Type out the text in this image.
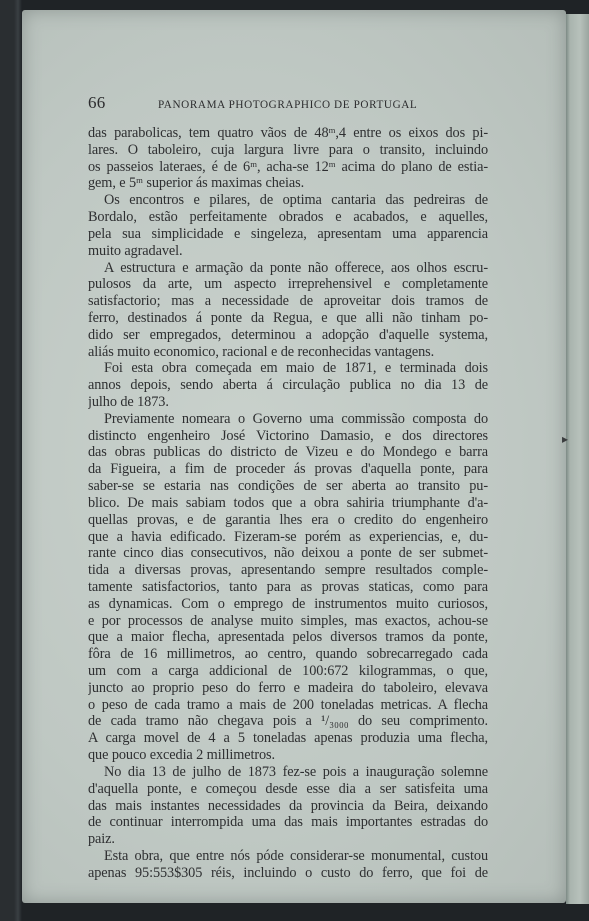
66	PANORAMA PHOTOGRAPHICO DE PORTUGAL
das parabolicas, tem quatro vãos de 48ᵐ,4 entre os eixos dos pi-
lares. O taboleiro, cuja largura livre para o transito, incluindo
os passeios lateraes, é de 6ᵐ, acha-se 12ᵐ acima do plano de estia-
gem, e 5ᵐ superior ás maximas cheias.
Os encontros e pilares, de optima cantaria das pedreiras de
Bordalo, estão perfeitamente obrados e acabados, e aquelles,
pela sua simplicidade e singeleza, apresentam uma apparencia
muito agradavel.
A estructura e armação da ponte não offerece, aos olhos escru-
pulosos da arte, um aspecto irreprehensivel e completamente
satisfactorio; mas a necessidade de aproveitar dois tramos de
ferro, destinados á ponte da Regua, e que alli não tinham po-
dido ser empregados, determinou a adopção d'aquelle systema,
aliás muito economico, racional e de reconhecidas vantagens.
Foi esta obra começada em maio de 1871, e terminada dois
annos depois, sendo aberta á circulação publica no dia 13 de
julho de 1873.
Previamente nomeara o Governo uma commissão composta do
distincto engenheiro José Victorino Damasio, e dos directores
das obras publicas do districto de Vizeu e do Mondego e barra
da Figueira, a fim de proceder ás provas d'aquella ponte, para
saber-se se estaria nas condições de ser aberta ao transito pu-
blico. De mais sabiam todos que a obra sahiria triumphante d'a-
quellas provas, e de garantia lhes era o credito do engenheiro
que a havia edificado. Fizeram-se porém as experiencias, e, du-
rante cinco dias consecutivos, não deixou a ponte de ser submet-
tida a diversas provas, apresentando sempre resultados comple-
tamente satisfactorios, tanto para as provas staticas, como para
as dynamicas. Com o emprego de instrumentos muito curiosos,
e por processos de analyse muito simples, mas exactos, achou-se
que a maior flecha, apresentada pelos diversos tramos da ponte,
fôra de 16 millimetros, ao centro, quando sobrecarregado cada
um com a carga addicional de 100:672 kilogrammas, o que,
juncto ao proprio peso do ferro e madeira do taboleiro, elevava
o peso de cada tramo a mais de 200 toneladas metricas. A flecha
de cada tramo não chegava pois a ¹/₃₀₀₀ do seu comprimento.
A carga movel de 4 a 5 toneladas apenas produzia uma flecha,
que pouco excedia 2 millimetros.
No dia 13 de julho de 1873 fez-se pois a inauguração solemne
d'aquella ponte, e começou desde esse dia a ser satisfeita uma
das mais instantes necessidades da provincia da Beira, deixando
de continuar interrompida uma das mais importantes estradas do
paiz.
Esta obra, que entre nós póde considerar-se monumental, custou
apenas 95:553$305 réis, incluindo o custo do ferro, que foi de
▸
